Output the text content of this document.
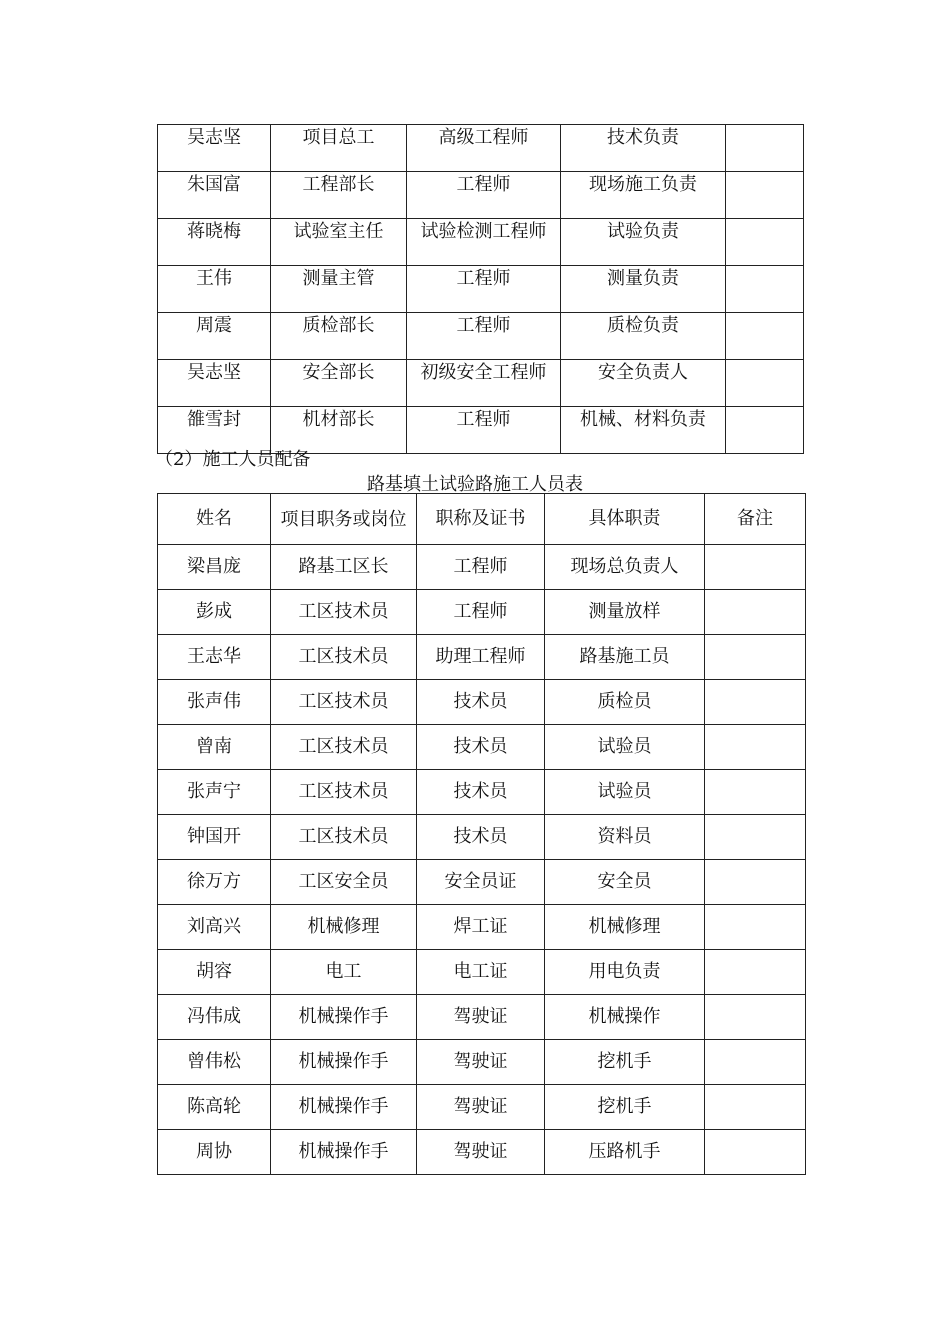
吴志坚	项目总工	高级工程师	技术负责	
朱国富	工程部长	工程师	现场施工负责	
蒋晓梅	试验室主任	试验检测工程师	试验负责	
王伟	测量主管	工程师	测量负责	
周震	质检部长	工程师	质检负责	
吴志坚	安全部长	初级安全工程师	安全负责人	
雒雪封	机材部长	工程师	机械、材料负责	
（2）施工人员配备
路基填土试验路施工人员表
姓名	项目职务或岗位	职称及证书	具体职责	备注
梁昌庞	路基工区长	工程师	现场总负责人	
彭成	工区技术员	工程师	测量放样	
王志华	工区技术员	助理工程师	路基施工员	
张声伟	工区技术员	技术员	质检员	
曾南	工区技术员	技术员	试验员	
张声宁	工区技术员	技术员	试验员	
钟国开	工区技术员	技术员	资料员	
徐万方	工区安全员	安全员证	安全员	
刘高兴	机械修理	焊工证	机械修理	
胡容	电工	电工证	用电负责	
冯伟成	机械操作手	驾驶证	机械操作	
曾伟松	机械操作手	驾驶证	挖机手	
陈高轮	机械操作手	驾驶证	挖机手	
周协	机械操作手	驾驶证	压路机手	
